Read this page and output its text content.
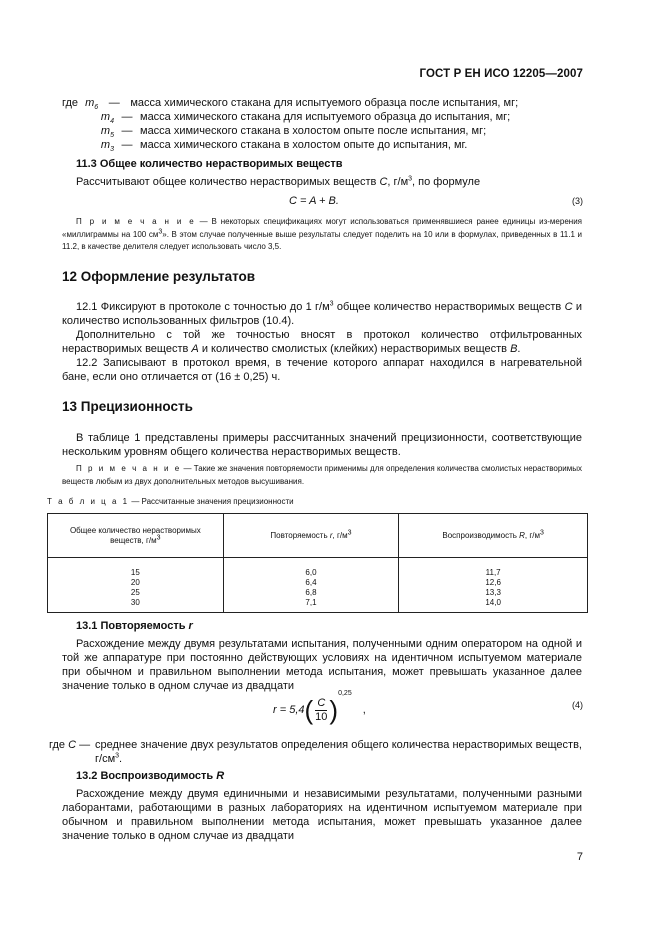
ГОСТ Р ЕН ИСО 12205—2007
где $m_6$ — масса химического стакана для испытуемого образца после испытания, мг;
$m_4$ — масса химического стакана для испытуемого образца до испытания, мг;
$m_5$ — масса химического стакана в холостом опыте после испытания, мг;
$m_3$ — масса химического стакана в холостом опыте до испытания, мг.
11.3 Общее количество нерастворимых веществ
Рассчитывают общее количество нерастворимых веществ C, $г/м^3$, по формуле
C = A + B.	(3)
П р и м е ч а н и е — В некоторых спецификациях могут использоваться применявшиеся ранее единицы из-мерения «миллиграммы на 100 $см^3$». В этом случае полученные выше результаты следует поделить на 10 или в формулах, приведенных в 11.1 и 11.2, в качестве делителя следует использовать число 3,5.
12 Оформление результатов
12.1 Фиксируют в протоколе с точностью до 1 $г/м^3$ общее количество нерастворимых веществ C и количество использованных фильтров (10.4).
Дополнительно с той же точностью вносят в протокол количество отфильтрованных нерастворимых веществ A и количество смолистых (клейких) нерастворимых веществ B.
12.2 Записывают в протокол время, в течение которого аппарат находился в нагревательной бане, если оно отличается от (16 ± 0,25) ч.
13 Прецизионность
В таблице 1 представлены примеры рассчитанных значений прецизионности, соответствующие нескольким уровням общего количества нерастворимых веществ.
П р и м е ч а н и е — Такие же значения повторяемости применимы для определения количества смолистых нерастворимых веществ любым из двух дополнительных методов высушивания.
Т а б л и ц а 1 — Рассчитанные значения прецизионности
Общее количество нерастворимых
веществ, $г/м^3$	Повторяемость r, $г/м^3$	Воспроизводимость R, $г/м^3$
15	6,0	11,7
20	6,4	12,6
25	6,8	13,3
30	7,1	14,0
13.1 Повторяемость r
Расхождение между двумя результатами испытания, полученными одним оператором на одной и той же аппаратуре при постоянно действующих условиях на идентичном испытуемом материале при обычном и правильном выполнении метода испытания, может превышать указанное далее значение только в одном случае из двадцати
$r = 5,4( \frac{C}{10} )^{0,25}$ ,	(4)
где C — среднее значение двух результатов определения общего количества нерастворимых веществ, $г/см^3$.
13.2 Воспроизводимость R
Расхождение между двумя единичными и независимыми результатами, полученными разными лаборантами, работающими в разных лабораториях на идентичном испытуемом материале при обычном и правильном выполнении метода испытания, может превышать указанное далее значение только в одном случае из двадцати
7
